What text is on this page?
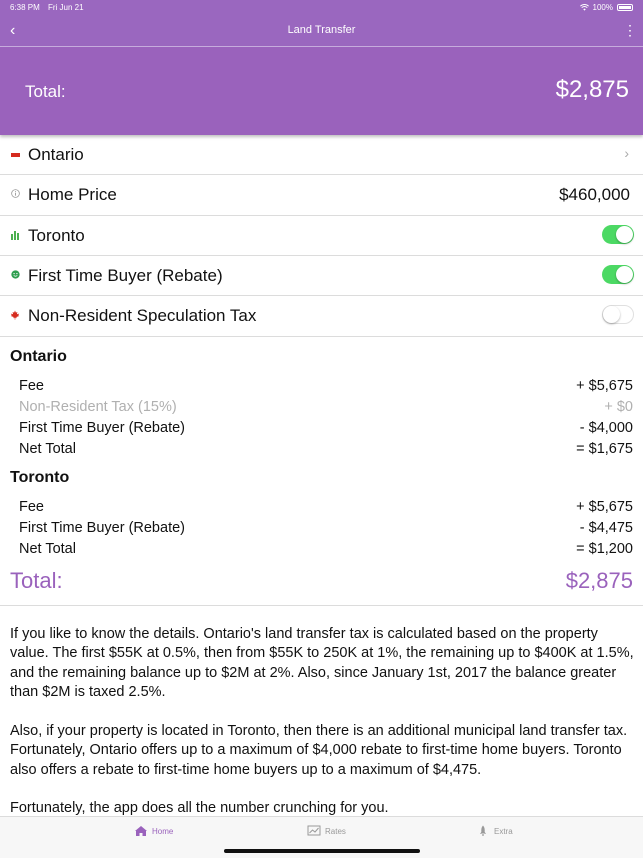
6:38 PM Fri Jun 21	100%
‹	Land Transfer	⋮
Total:	$2,875
Ontario	›
Home Price	$460,000
Toronto
First Time Buyer (Rebate)
Non-Resident Speculation Tax
Ontario
Fee	+ $5,675
Non-Resident Tax (15%)	+ $0
First Time Buyer (Rebate)	- $4,000
Net Total	= $1,675
Toronto
Fee	+ $5,675
First Time Buyer (Rebate)	- $4,475
Net Total	= $1,200
Total:	$2,875

If you like to know the details. Ontario's land transfer tax is calculated based on the property value. The first $55K at 0.5%, then from $55K to 250K at 1%, the remaining up to $400K at 1.5%, and the remaining balance up to $2M at 2%. Also, since January 1st, 2017 the balance greater than $2M is taxed 2.5%.

Also, if your property is located in Toronto, then there is an additional municipal land transfer tax. Fortunately, Ontario offers up to a maximum of $4,000 rebate to first-time home buyers. Toronto also offers a rebate to first-time home buyers up to a maximum of $4,475.

Fortunately, the app does all the number crunching for you.

Home	Rates	Extra
